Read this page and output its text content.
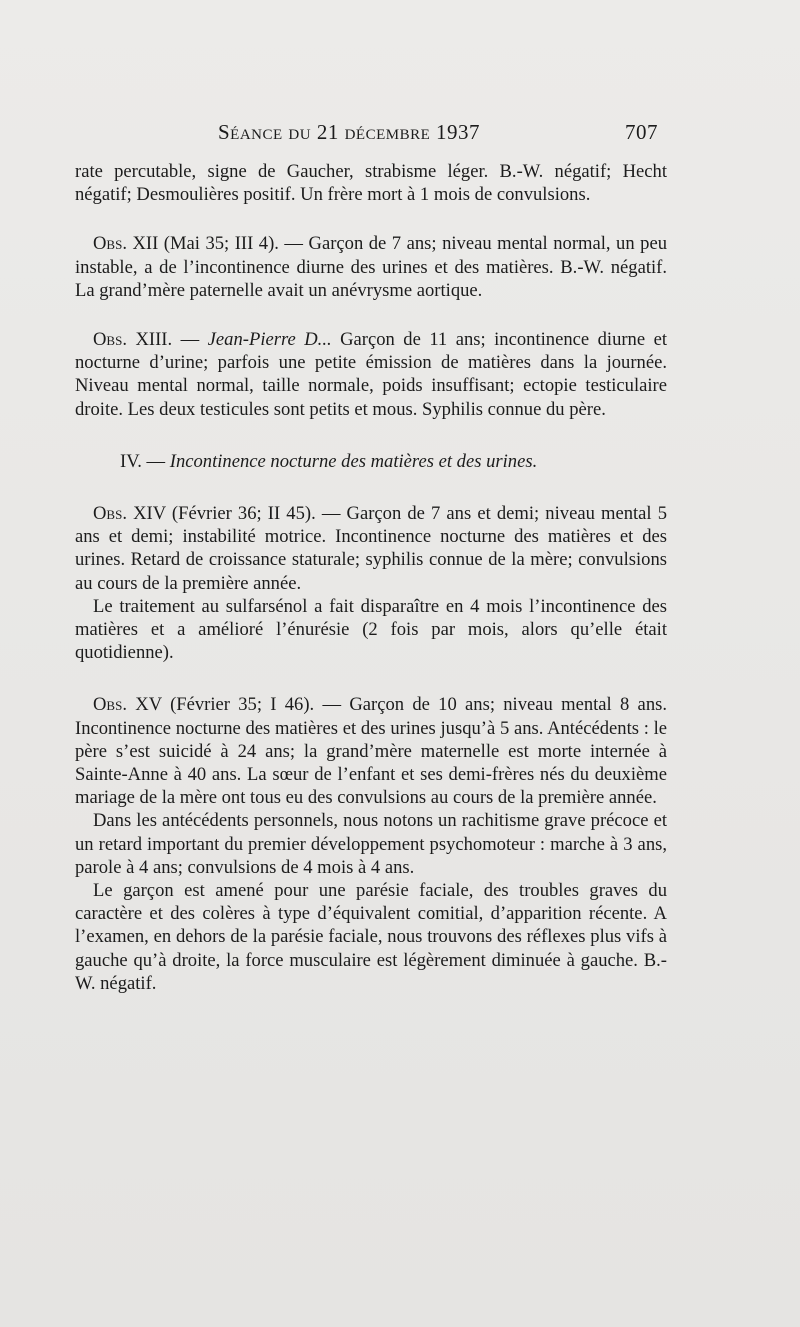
Séance du 21 décembre 1937	707

rate percutable, signe de Gaucher, strabisme léger. B.-W. négatif; Hecht négatif; Desmoulières positif. Un frère mort à 1 mois de convulsions.

Obs. XII (Mai 35; III 4). — Garçon de 7 ans; niveau mental normal, un peu instable, a de l’incontinence diurne des urines et des matières. B.-W. négatif. La grand’mère paternelle avait un anévrysme aortique.

Obs. XIII. — Jean-Pierre D... Garçon de 11 ans; incontinence diurne et nocturne d’urine; parfois une petite émission de matières dans la journée. Niveau mental normal, taille normale, poids insuffisant; ectopie testiculaire droite. Les deux testicules sont petits et mous. Syphilis connue du père.

IV. — Incontinence nocturne des matières et des urines.

Obs. XIV (Février 36; II 45). — Garçon de 7 ans et demi; niveau mental 5 ans et demi; instabilité motrice. Incontinence nocturne des matières et des urines. Retard de croissance staturale; syphilis connue de la mère; convulsions au cours de la première année.

Le traitement au sulfarsénol a fait disparaître en 4 mois l’incontinence des matières et a amélioré l’énurésie (2 fois par mois, alors qu’elle était quotidienne).

Obs. XV (Février 35; I 46). — Garçon de 10 ans; niveau mental 8 ans. Incontinence nocturne des matières et des urines jusqu’à 5 ans. Antécédents : le père s’est suicidé à 24 ans; la grand’mère maternelle est morte internée à Sainte-Anne à 40 ans. La sœur de l’enfant et ses demi-frères nés du deuxième mariage de la mère ont tous eu des convulsions au cours de la première année.

Dans les antécédents personnels, nous notons un rachitisme grave précoce et un retard important du premier développement psychomoteur : marche à 3 ans, parole à 4 ans; convulsions de 4 mois à 4 ans.

Le garçon est amené pour une parésie faciale, des troubles graves du caractère et des colères à type d’équivalent comitial, d’apparition récente. A l’examen, en dehors de la parésie faciale, nous trouvons des réflexes plus vifs à gauche qu’à droite, la force musculaire est légèrement diminuée à gauche. B.-W. négatif.
